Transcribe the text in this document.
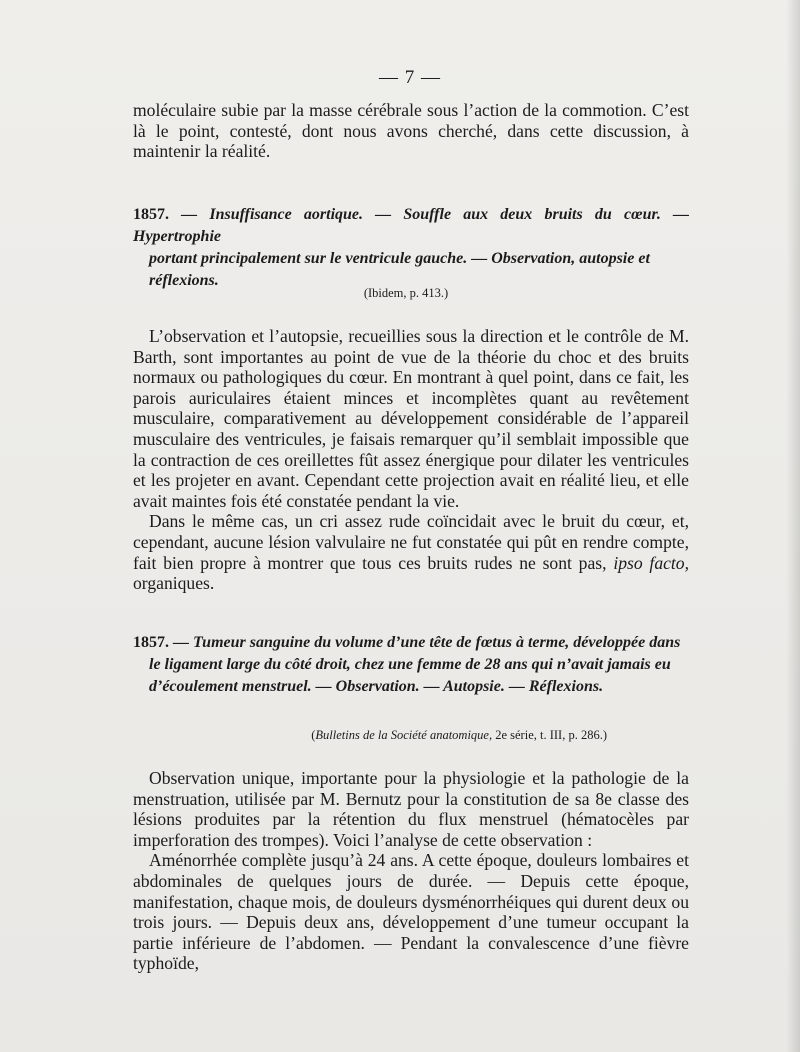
— 7 —

moléculaire subie par la masse cérébrale sous l’action de la commotion. C’est là le point, contesté, dont nous avons cherché, dans cette discussion, à maintenir la réalité.

1857. — Insuffisance aortique. — Souffle aux deux bruits du cœur. — Hypertrophie
portant principalement sur le ventricule gauche. — Observation, autopsie et
réflexions.
(Ibidem, p. 413.)

L’observation et l’autopsie, recueillies sous la direction et le contrôle de M. Barth, sont importantes au point de vue de la théorie du choc et des bruits normaux ou pathologiques du cœur. En montrant à quel point, dans ce fait, les parois auriculaires étaient minces et incomplètes quant au revêtement musculaire, comparativement au développement considérable de l’appareil musculaire des ventricules, je faisais remarquer qu’il semblait impossible que la contraction de ces oreillettes fût assez énergique pour dilater les ventricules et les projeter en avant. Cependant cette projection avait en réalité lieu, et elle avait maintes fois été constatée pendant la vie.

Dans le même cas, un cri assez rude coïncidait avec le bruit du cœur, et, cependant, aucune lésion valvulaire ne fut constatée qui pût en rendre compte, fait bien propre à montrer que tous ces bruits rudes ne sont pas, ipso facto, organiques.

1857. — Tumeur sanguine du volume d’une tête de fœtus à terme, développée dans
le ligament large du côté droit, chez une femme de 28 ans qui n’avait jamais eu
d’écoulement menstruel. — Observation. — Autopsie. — Réflexions.
(Bulletins de la Société anatomique, 2e série, t. III, p. 286.)

Observation unique, importante pour la physiologie et la pathologie de la menstruation, utilisée par M. Bernutz pour la constitution de sa 8e classe des lésions produites par la rétention du flux menstruel (hématocèles par imperforation des trompes). Voici l’analyse de cette observation :

Aménorrhée complète jusqu’à 24 ans. A cette époque, douleurs lombaires et abdominales de quelques jours de durée. — Depuis cette époque, manifestation, chaque mois, de douleurs dysménorrhéiques qui durent deux ou trois jours. — Depuis deux ans, développement d’une tumeur occupant la partie inférieure de l’abdomen. — Pendant la convalescence d’une fièvre typhoïde,
